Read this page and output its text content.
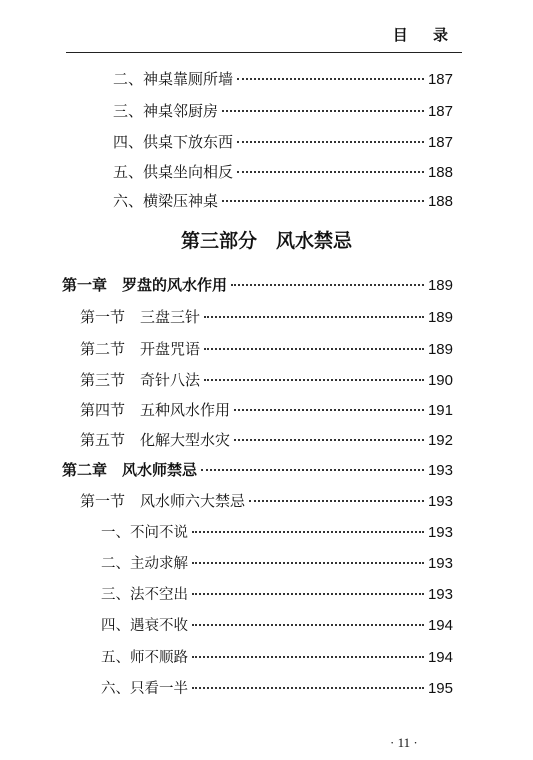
目 录
二、神桌靠厕所墙	187
三、神桌邻厨房	187
四、供桌下放东西	187
五、供桌坐向相反	188
六、横梁压神桌	188
第三部分　风水禁忌
第一章　罗盘的风水作用	189
第一节　三盘三针	189
第二节　开盘咒语	189
第三节　奇针八法	190
第四节　五种风水作用	191
第五节　化解大型水灾	192
第二章　风水师禁忌	193
第一节　风水师六大禁忌	193
一、不问不说	193
二、主动求解	193
三、法不空出	193
四、遇衰不收	194
五、师不顺路	194
六、只看一半	195
· 11 ·
